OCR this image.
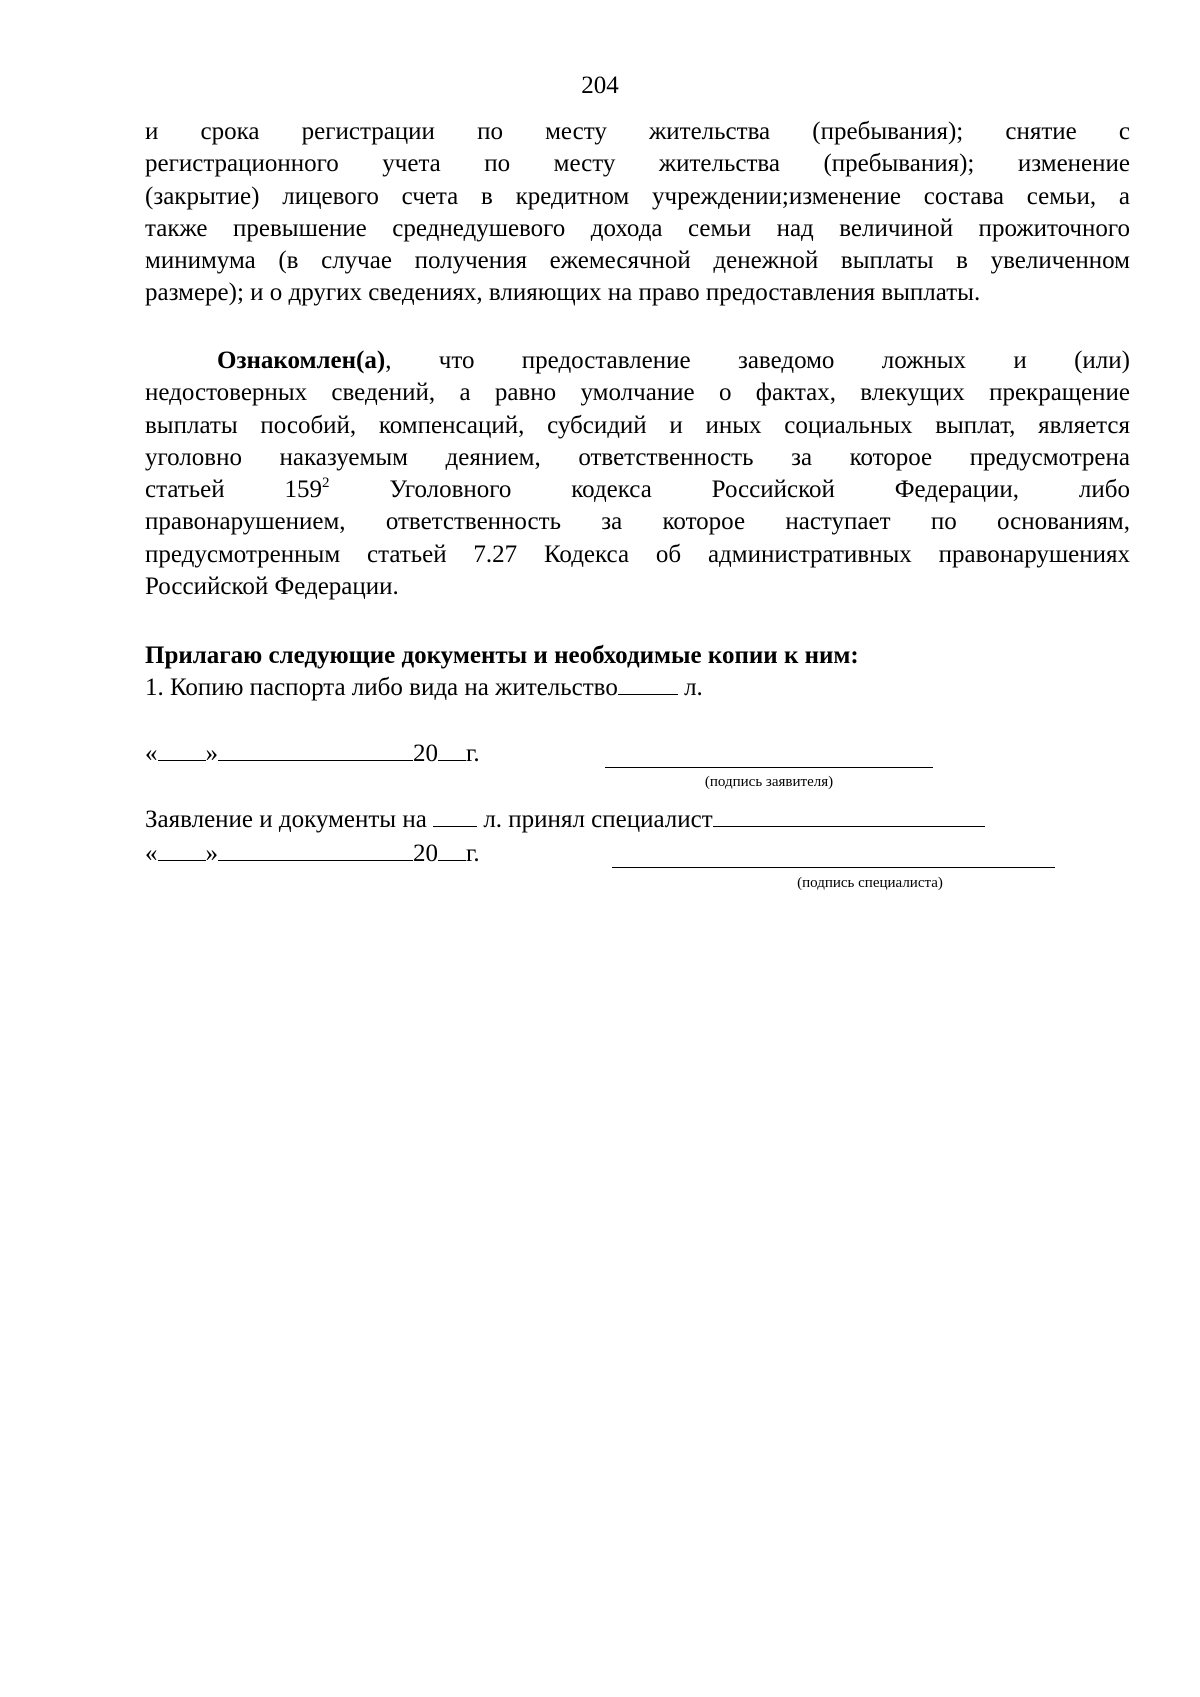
204
и срока регистрации по месту жительства (пребывания); снятие с
регистрационного учета по месту жительства (пребывания); изменение
(закрытие) лицевого счета в кредитном учреждении;изменение состава семьи, а
также превышение среднедушевого дохода семьи над величиной прожиточного
минимума (в случае получения ежемесячной денежной выплаты в увеличенном
размере); и о других сведениях, влияющих на право предоставления выплаты.
Ознакомлен(а), что предоставление заведомо ложных и (или)
недостоверных сведений, а равно умолчание о фактах, влекущих прекращение
выплаты пособий, компенсаций, субсидий и иных социальных выплат, является
уголовно наказуемым деянием, ответственность за которое предусмотрена
статьей $159^2$ Уголовного кодекса Российской Федерации, либо
правонарушением, ответственность за которое наступает по основаниям,
предусмотренным статьей 7.27 Кодекса об административных правонарушениях
Российской Федерации.
Прилагаю следующие документы и необходимые копии к ним:
1. Копию паспорта либо вида на жительство л.
« »	20 г.
(подпись заявителя)
Заявление и документы на  л. принял специалист
« »	20 г.
(подпись специалиста)
